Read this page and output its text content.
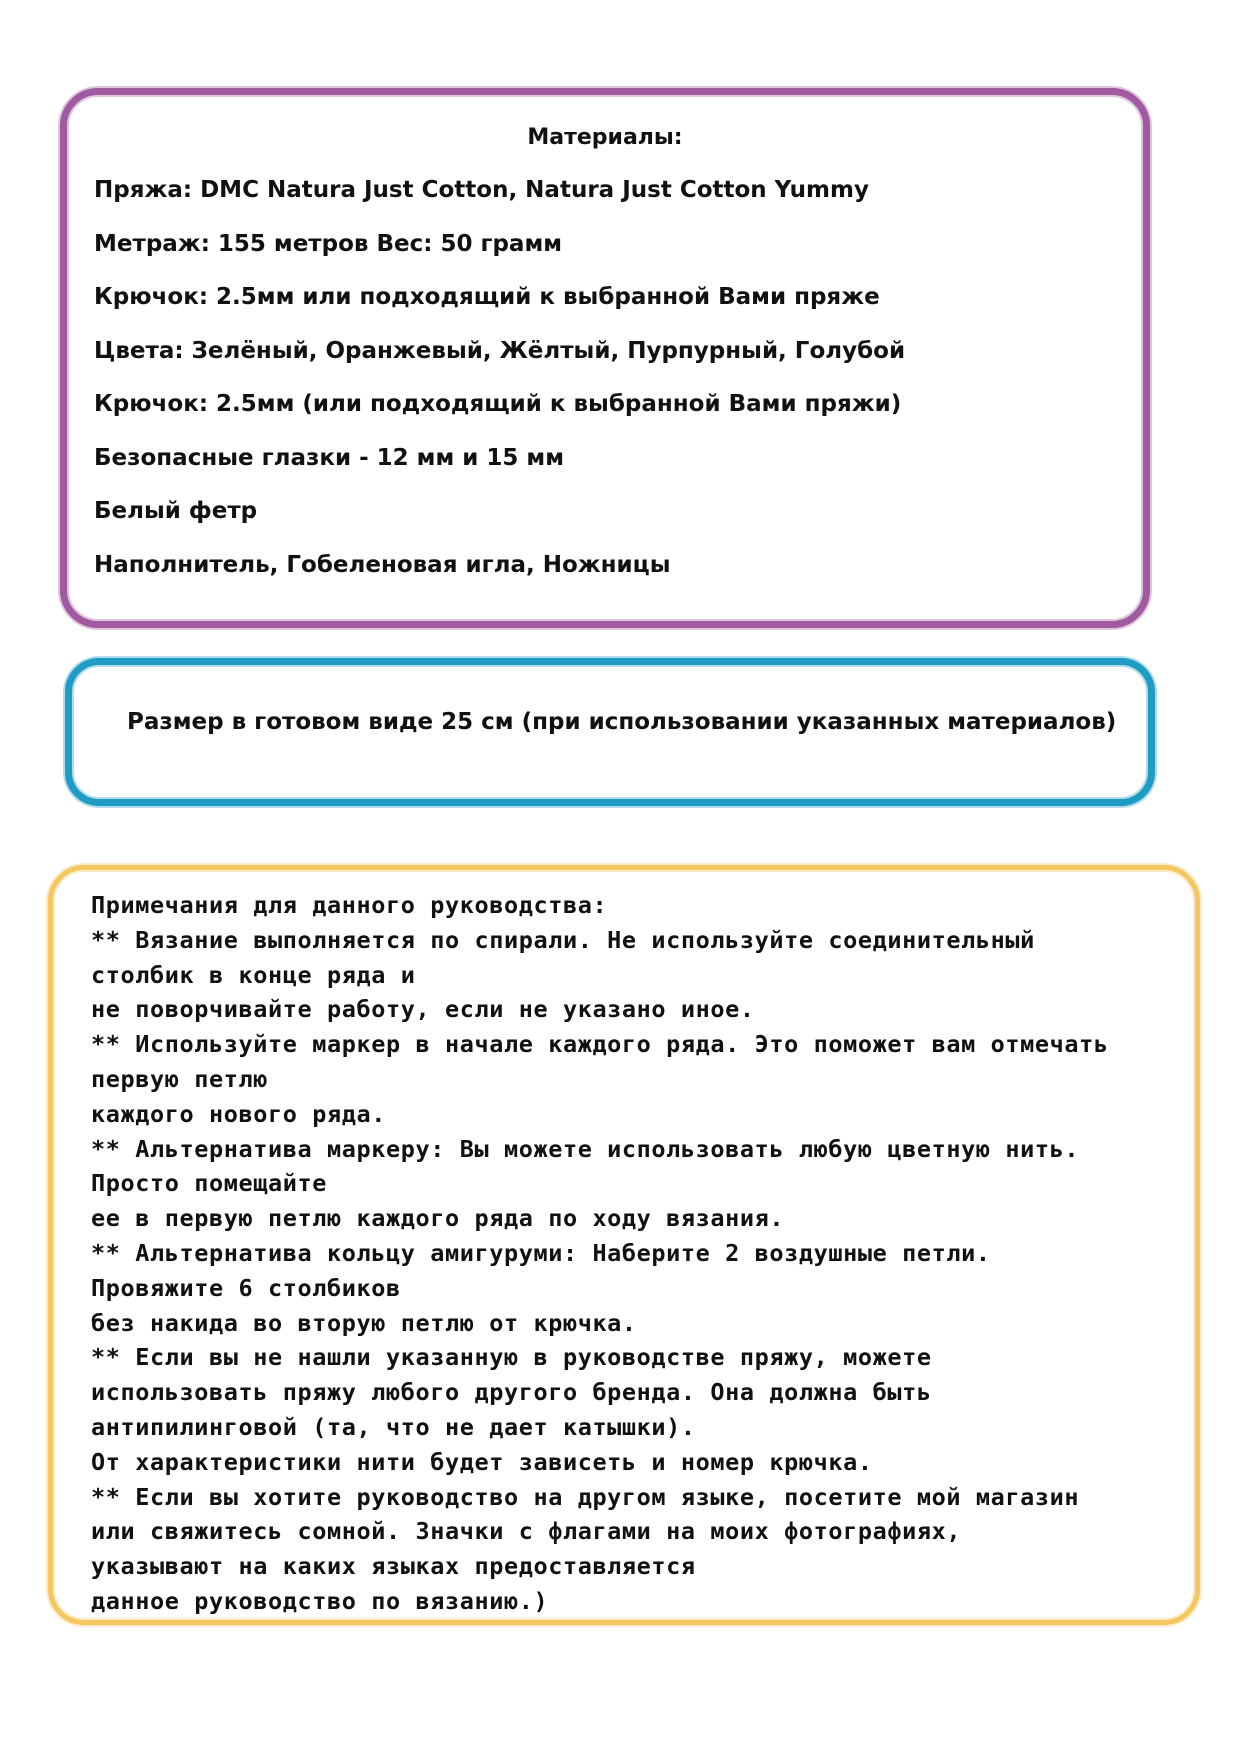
Материалы:
Пряжа: DMC Natura Just Cotton, Natura Just Cotton Yummy
Метраж: 155 метров Вес: 50 грамм
Крючок: 2.5мм или подходящий к выбранной Вами пряже
Цвета: Зелёный, Оранжевый, Жёлтый, Пурпурный, Голубой
Крючок: 2.5мм (или подходящий к выбранной Вами пряжи)
Безопасные глазки - 12 мм и 15 мм
Белый фетр
Наполнитель, Гобеленовая игла, Ножницы
Размер в готовом виде 25 см (при использовании указанных материалов)
Примечания для данного руководства:
** Вязание выполняется по спирали. Не используйте соединительный
столбик в конце ряда и
не поворчивайте работу, если не указано иное.
** Используйте маркер в начале каждого ряда. Это поможет вам отмечать
первую петлю
каждого нового ряда.
** Альтернатива маркеру: Вы можете использовать любую цветную нить.
Просто помещайте
ее в первую петлю каждого ряда по ходу вязания.
** Альтернатива кольцу амигуруми: Наберите 2 воздушные петли.
Провяжите 6 столбиков
без накида во вторую петлю от крючка.
** Если вы не нашли указанную в руководстве пряжу, можете
использовать пряжу любого другого бренда. Она должна быть
антипилинговой (та, что не дает катышки).
От характеристики нити будет зависеть и номер крючка.
** Если вы хотите руководство на другом языке, посетите мой магазин
или свяжитесь сомной. Значки с флагами на моих фотографиях,
указывают на каких языках предоставляется
данное руководство по вязанию.)
